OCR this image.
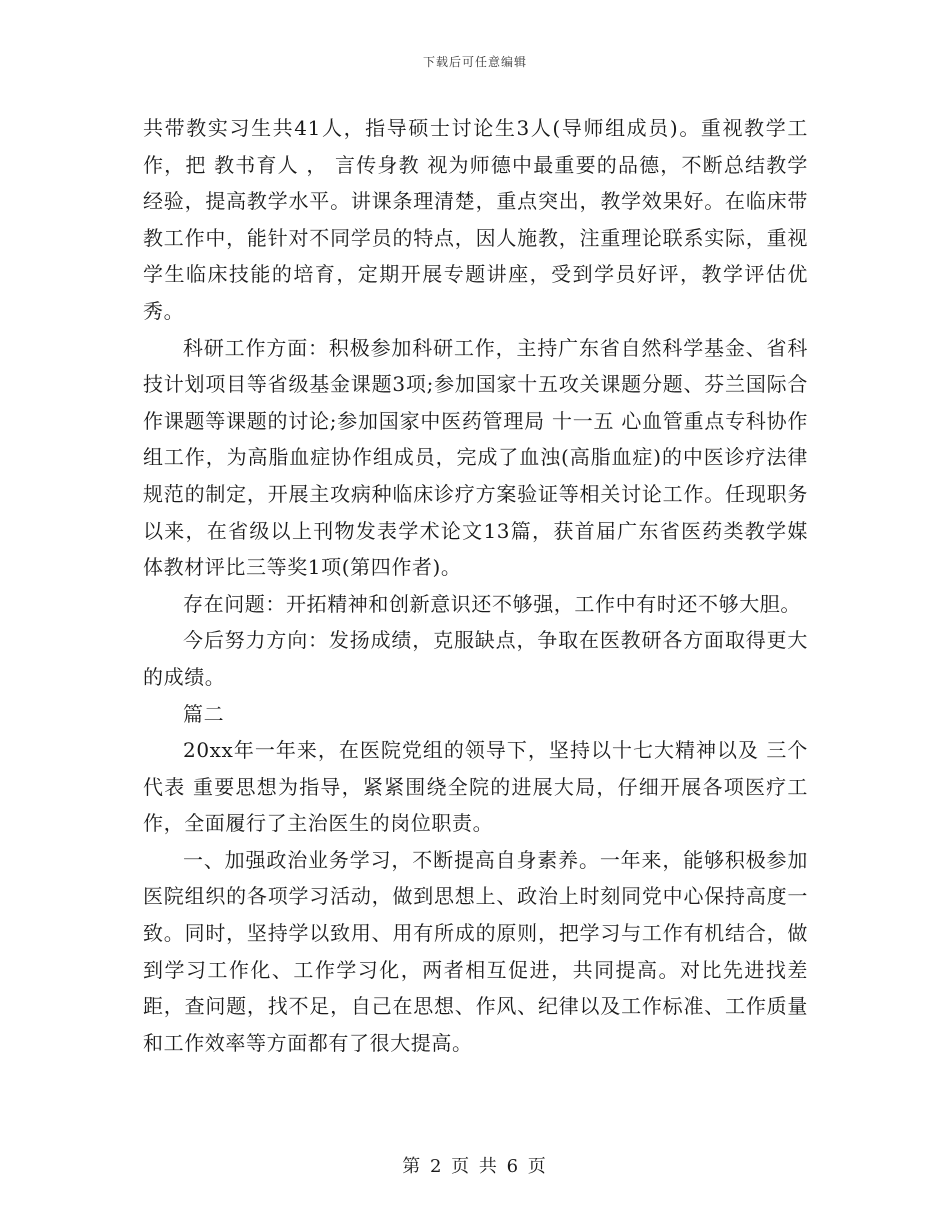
下载后可任意编辑

共带教实习生共41人，指导硕士讨论生3人(导师组成员)。重视教学工作，把 教书育人 ， 言传身教 视为师德中最重要的品德，不断总结教学经验，提高教学水平。讲课条理清楚，重点突出，教学效果好。在临床带教工作中，能针对不同学员的特点，因人施教，注重理论联系实际，重视学生临床技能的培育，定期开展专题讲座，受到学员好评，教学评估优秀。

科研工作方面：积极参加科研工作，主持广东省自然科学基金、省科技计划项目等省级基金课题3项;参加国家十五攻关课题分题、芬兰国际合作课题等课题的讨论;参加国家中医药管理局 十一五 心血管重点专科协作组工作，为高脂血症协作组成员，完成了血浊(高脂血症)的中医诊疗法律规范的制定，开展主攻病种临床诊疗方案验证等相关讨论工作。任现职务以来，在省级以上刊物发表学术论文13篇，获首届广东省医药类教学媒体教材评比三等奖1项(第四作者)。

存在问题：开拓精神和创新意识还不够强，工作中有时还不够大胆。

今后努力方向：发扬成绩，克服缺点，争取在医教研各方面取得更大的成绩。

篇二

20xx年一年来，在医院党组的领导下，坚持以十七大精神以及 三个代表 重要思想为指导，紧紧围绕全院的进展大局，仔细开展各项医疗工作，全面履行了主治医生的岗位职责。

一、加强政治业务学习，不断提高自身素养。一年来，能够积极参加医院组织的各项学习活动，做到思想上、政治上时刻同党中心保持高度一致。同时，坚持学以致用、用有所成的原则，把学习与工作有机结合，做到学习工作化、工作学习化，两者相互促进，共同提高。对比先进找差距，查问题，找不足，自己在思想、作风、纪律以及工作标准、工作质量和工作效率等方面都有了很大提高。

第 2 页 共 6 页
